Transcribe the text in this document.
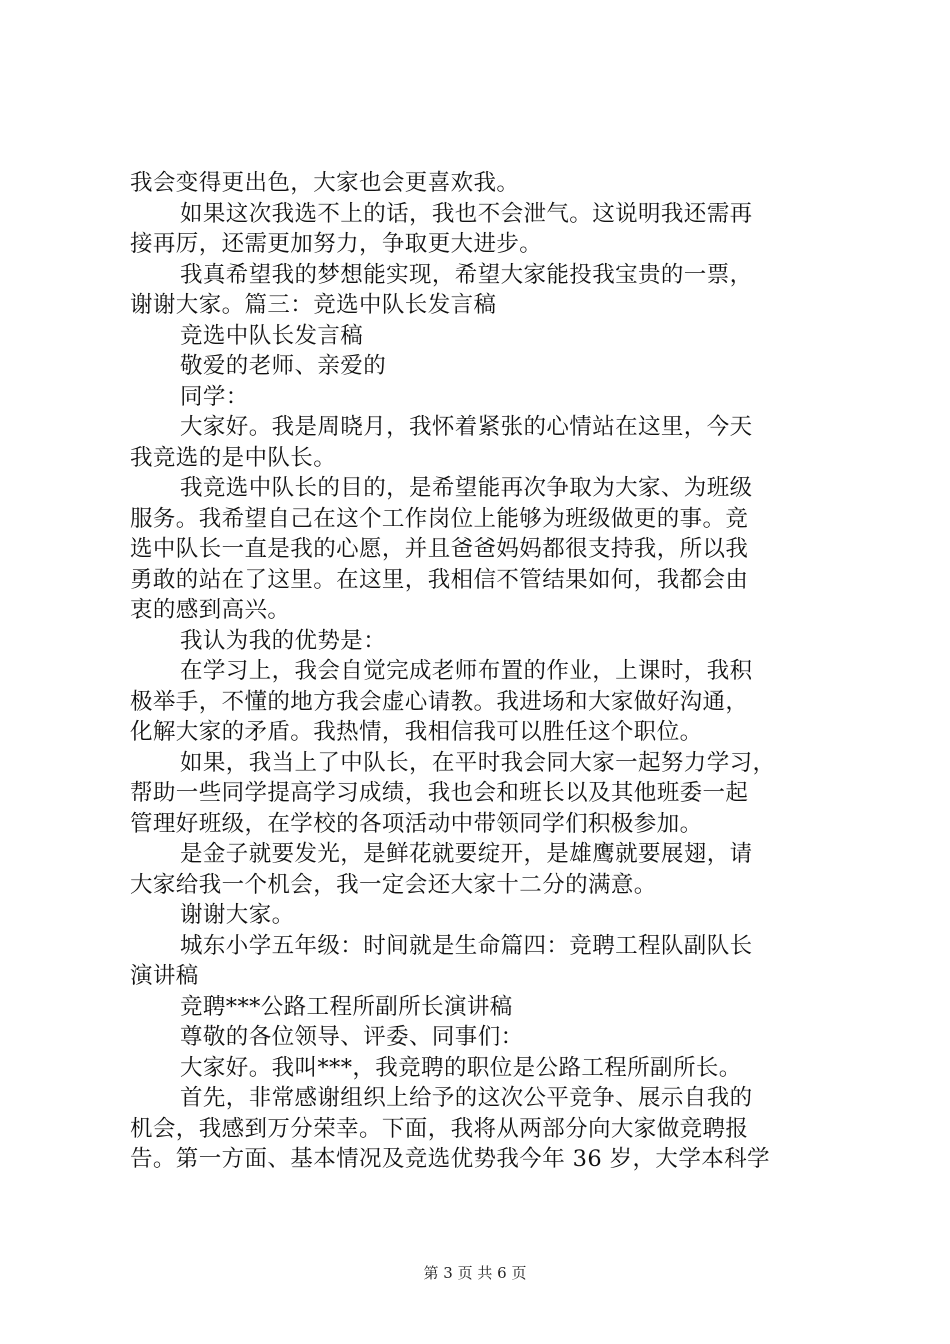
我会变得更出色，大家也会更喜欢我。
如果这次我选不上的话，我也不会泄气。这说明我还需再
接再厉，还需更加努力，争取更大进步。
我真希望我的梦想能实现，希望大家能投我宝贵的一票，
谢谢大家。篇三：竞选中队长发言稿
竞选中队长发言稿
敬爱的老师、亲爱的
同学：
大家好。我是周晓月，我怀着紧张的心情站在这里，今天
我竞选的是中队长。
我竞选中队长的目的，是希望能再次争取为大家、为班级
服务。我希望自己在这个工作岗位上能够为班级做更的事。竞
选中队长一直是我的心愿，并且爸爸妈妈都很支持我，所以我
勇敢的站在了这里。在这里，我相信不管结果如何，我都会由
衷的感到高兴。
我认为我的优势是：
在学习上，我会自觉完成老师布置的作业，上课时，我积
极举手，不懂的地方我会虚心请教。我进场和大家做好沟通，
化解大家的矛盾。我热情，我相信我可以胜任这个职位。
如果，我当上了中队长，在平时我会同大家一起努力学习，
帮助一些同学提高学习成绩，我也会和班长以及其他班委一起
管理好班级，在学校的各项活动中带领同学们积极参加。
是金子就要发光，是鲜花就要绽开，是雄鹰就要展翅，请
大家给我一个机会，我一定会还大家十二分的满意。
谢谢大家。
城东小学五年级：时间就是生命篇四：竞聘工程队副队长
演讲稿
竞聘***公路工程所副所长演讲稿
尊敬的各位领导、评委、同事们：
大家好。我叫***，我竞聘的职位是公路工程所副所长。
首先，非常感谢组织上给予的这次公平竞争、展示自我的
机会，我感到万分荣幸。下面，我将从两部分向大家做竞聘报
告。第一方面、基本情况及竞选优势我今年 36 岁，大学本科学
第 3 页 共 6 页
